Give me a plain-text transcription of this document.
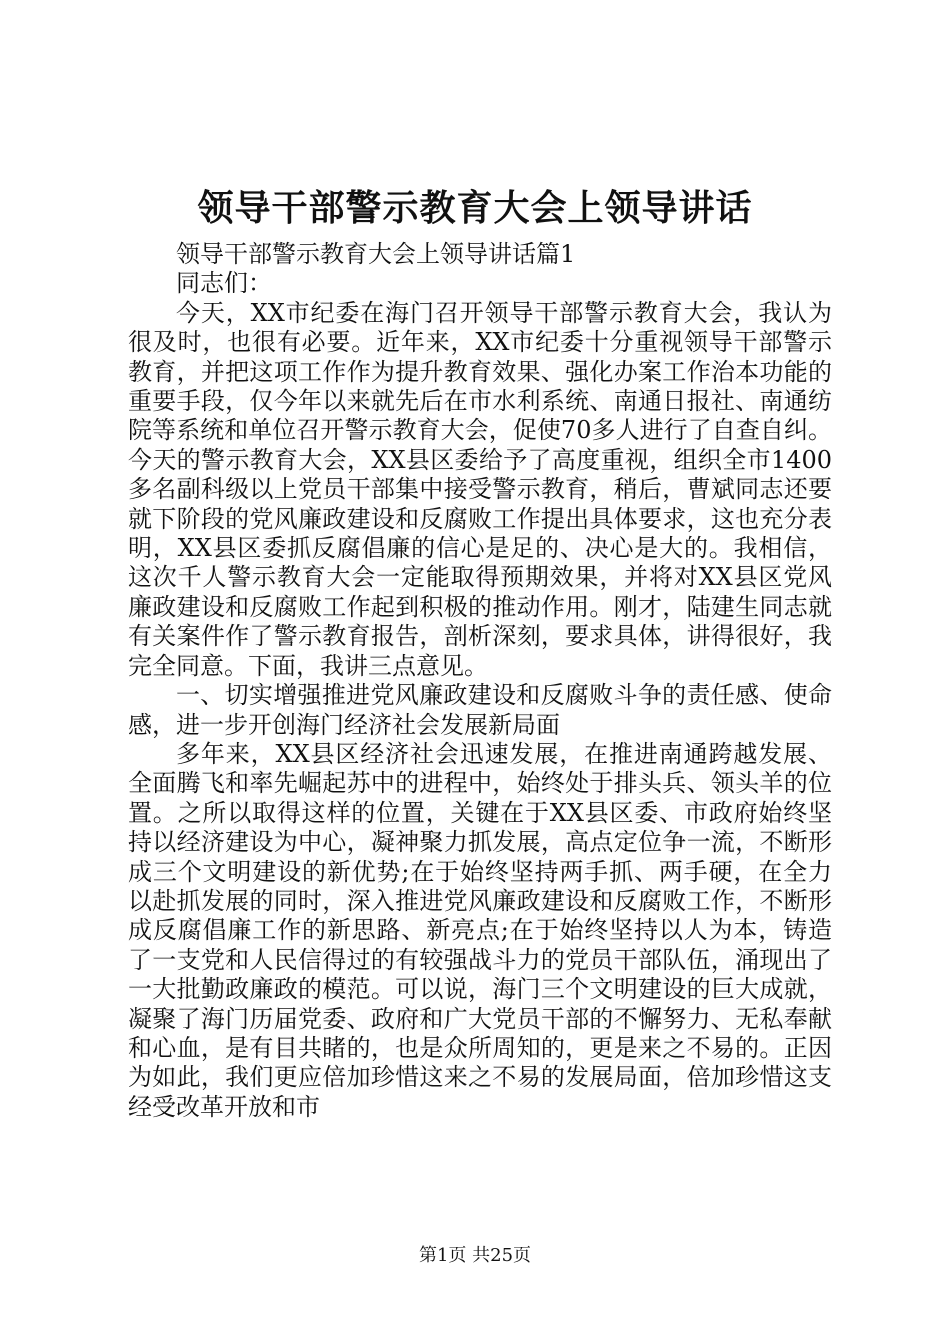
领导干部警示教育大会上领导讲话

领导干部警示教育大会上领导讲话篇1

同志们：

今天，XX市纪委在海门召开领导干部警示教育大会，我认为很及时，也很有必要。近年来，XX市纪委十分重视领导干部警示教育，并把这项工作作为提升教育效果、强化办案工作治本功能的重要手段，仅今年以来就先后在市水利系统、南通日报社、南通纺院等系统和单位召开警示教育大会，促使70多人进行了自查自纠。今天的警示教育大会，XX县区委给予了高度重视，组织全市1400多名副科级以上党员干部集中接受警示教育，稍后，曹斌同志还要就下阶段的党风廉政建设和反腐败工作提出具体要求，这也充分表明，XX县区委抓反腐倡廉的信心是足的、决心是大的。我相信，这次千人警示教育大会一定能取得预期效果，并将对XX县区党风廉政建设和反腐败工作起到积极的推动作用。刚才，陆建生同志就有关案件作了警示教育报告，剖析深刻，要求具体，讲得很好，我完全同意。下面，我讲三点意见。

一、切实增强推进党风廉政建设和反腐败斗争的责任感、使命感，进一步开创海门经济社会发展新局面

多年来，XX县区经济社会迅速发展，在推进南通跨越发展、全面腾飞和率先崛起苏中的进程中，始终处于排头兵、领头羊的位置。之所以取得这样的位置，关键在于XX县区委、市政府始终坚持以经济建设为中心，凝神聚力抓发展，高点定位争一流，不断形成三个文明建设的新优势;在于始终坚持两手抓、两手硬，在全力以赴抓发展的同时，深入推进党风廉政建设和反腐败工作，不断形成反腐倡廉工作的新思路、新亮点;在于始终坚持以人为本，铸造了一支党和人民信得过的有较强战斗力的党员干部队伍，涌现出了一大批勤政廉政的模范。可以说，海门三个文明建设的巨大成就，凝聚了海门历届党委、政府和广大党员干部的不懈努力、无私奉献和心血，是有目共睹的，也是众所周知的，更是来之不易的。正因为如此，我们更应倍加珍惜这来之不易的发展局面，倍加珍惜这支经受改革开放和市

第1页 共25页
